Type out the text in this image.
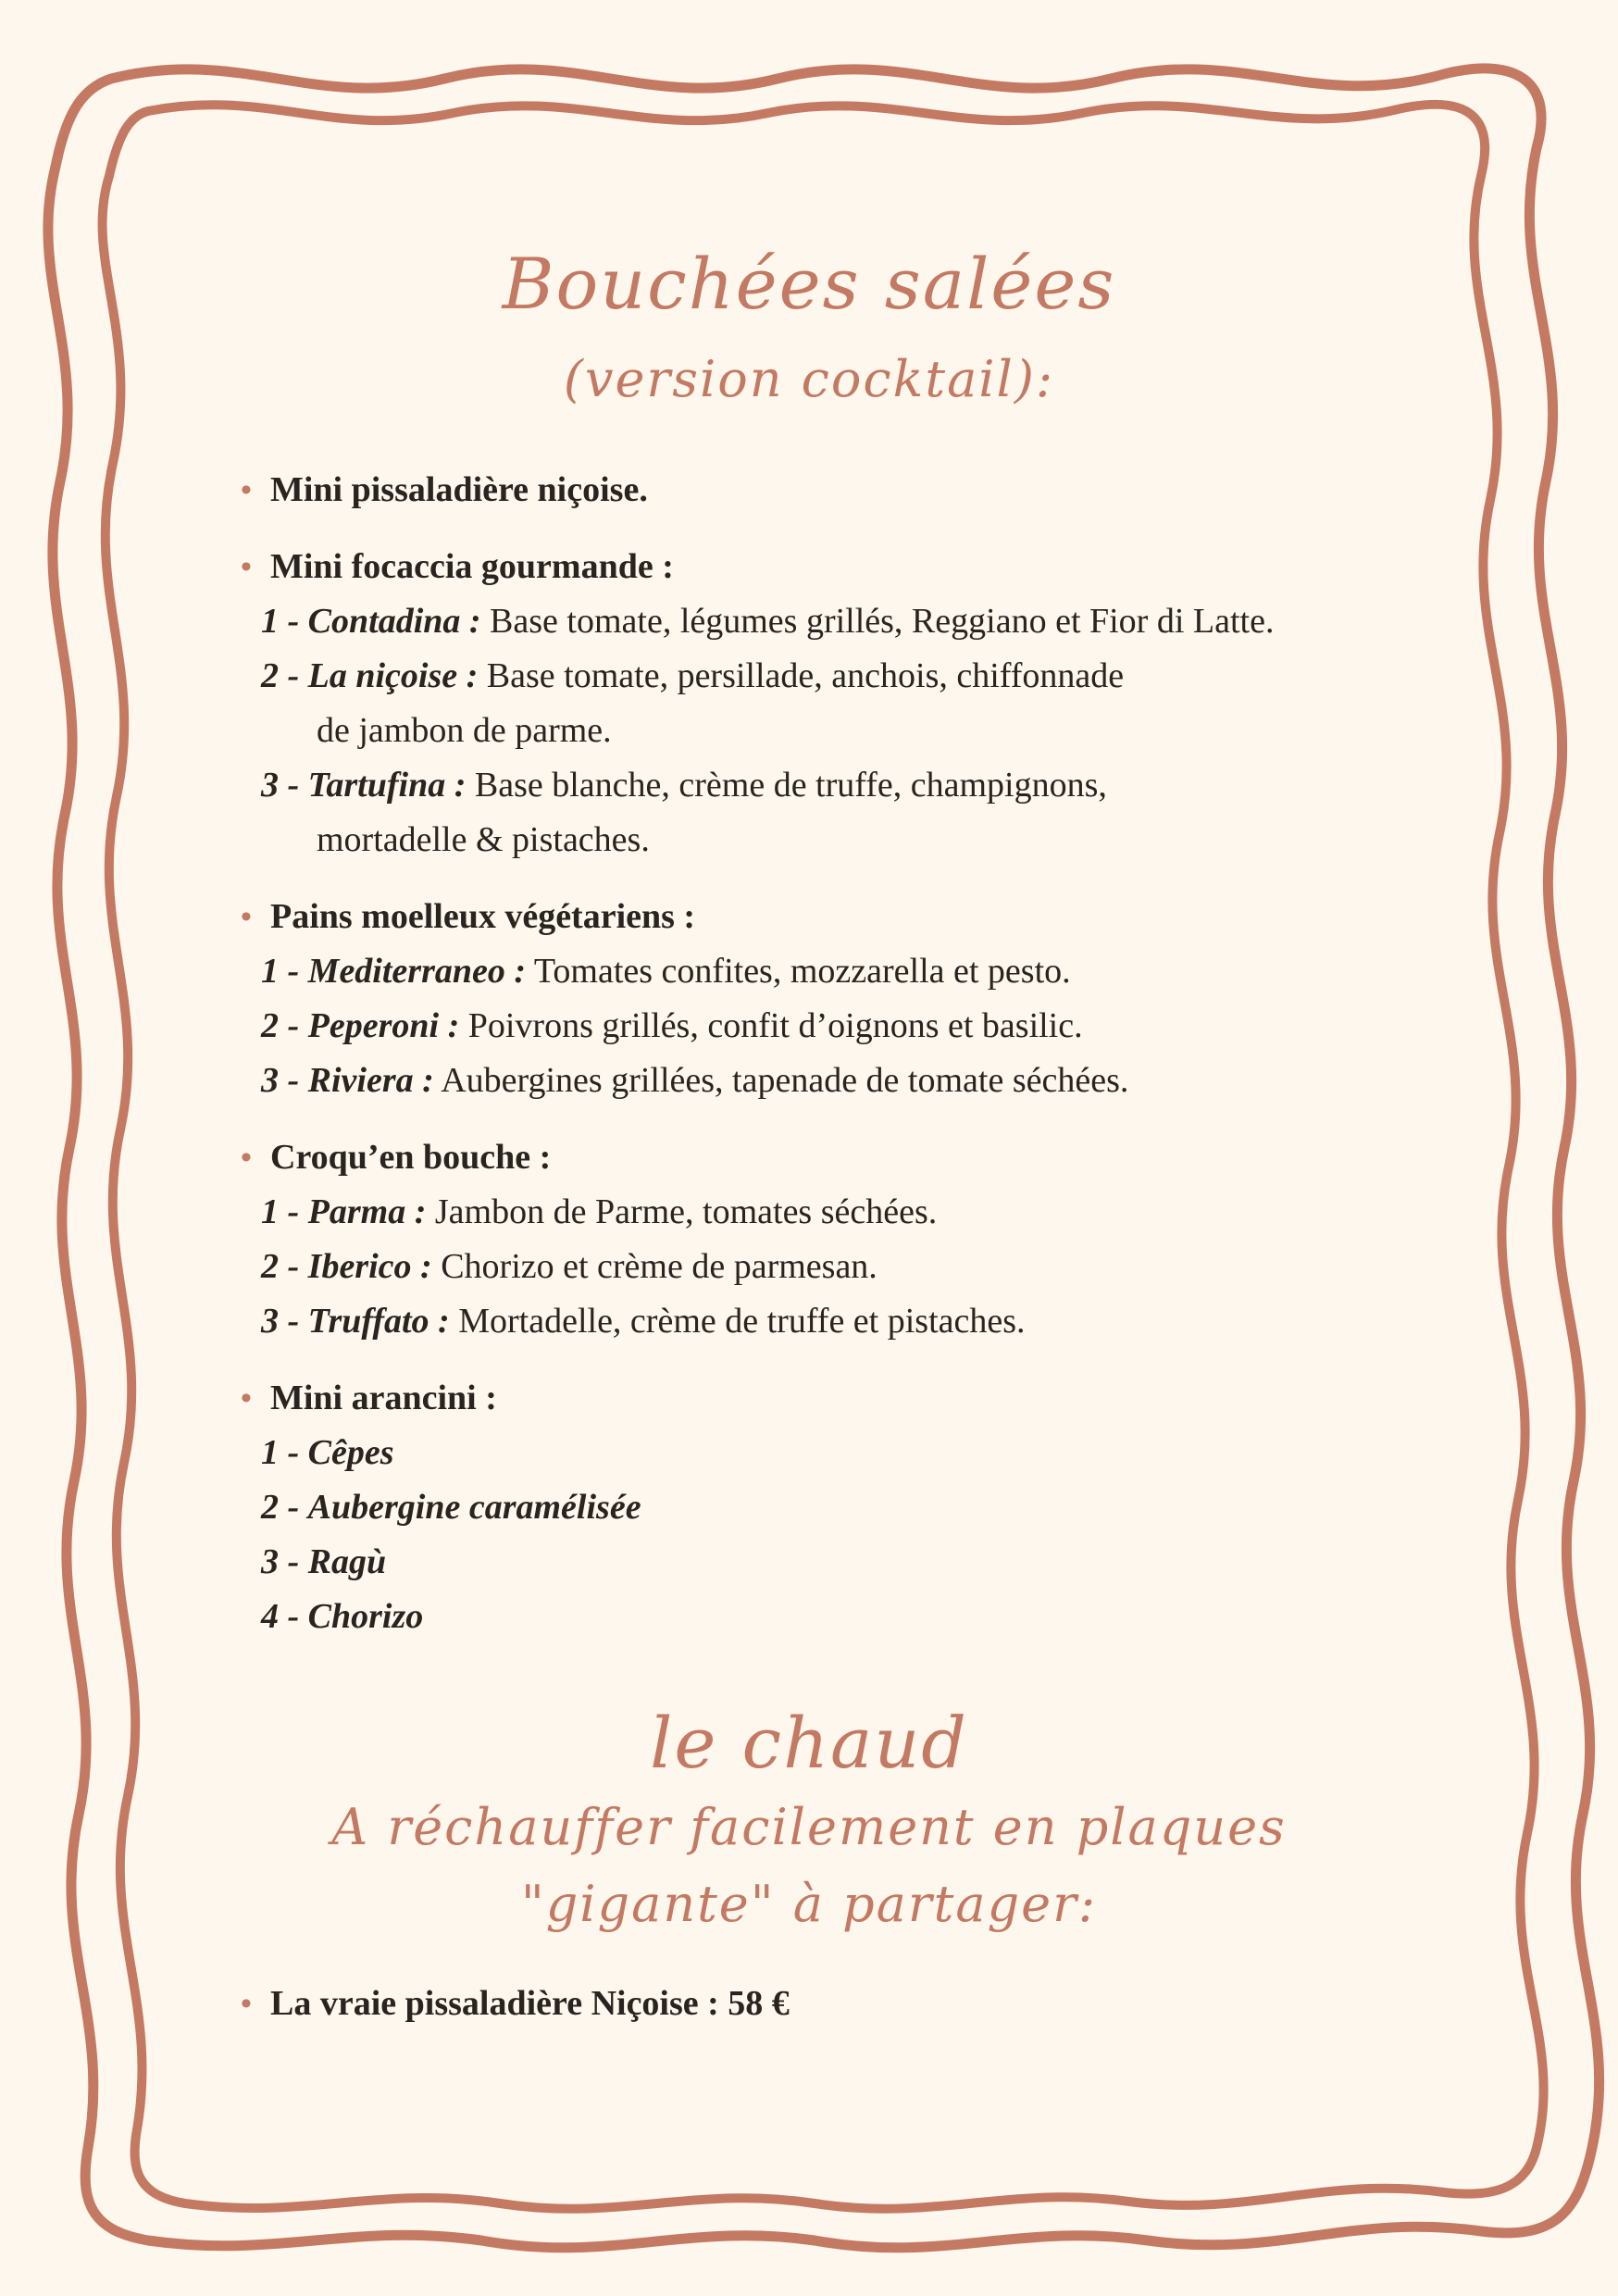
Bouchées salées
(version cocktail):
• Mini pissaladière niçoise.
• Mini focaccia gourmande :
1 - Contadina : Base tomate, légumes grillés, Reggiano et Fior di Latte.
2 - La niçoise : Base tomate, persillade, anchois, chiffonnade
de jambon de parme.
3 - Tartufina : Base blanche, crème de truffe, champignons,
mortadelle & pistaches.
• Pains moelleux végétariens :
1 - Mediterraneo : Tomates confites, mozzarella et pesto.
2 - Peperoni : Poivrons grillés, confit d’oignons et basilic.
3 - Riviera : Aubergines grillées, tapenade de tomate séchées.
• Croqu’en bouche :
1 - Parma : Jambon de Parme, tomates séchées.
2 - Iberico : Chorizo et crème de parmesan.
3 - Truffato : Mortadelle, crème de truffe et pistaches.
• Mini arancini :
1 - Cêpes
2 - Aubergine caramélisée
3 - Ragù
4 - Chorizo
le chaud
A réchauffer facilement en plaques
"gigante" à partager:
• La vraie pissaladière Niçoise : 58 €
